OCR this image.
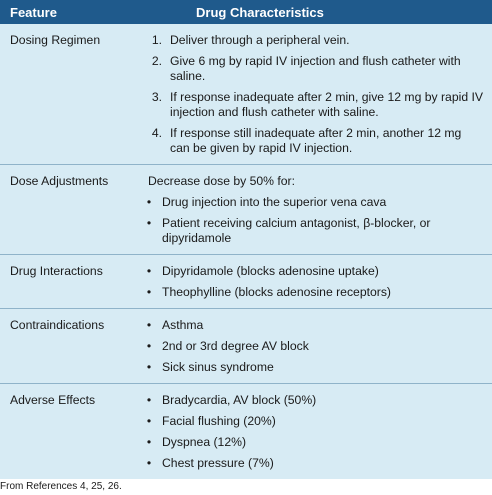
Feature	Drug Characteristics
Dosing Regimen	1. Deliver through a peripheral vein.
2. Give 6 mg by rapid IV injection and flush catheter with saline.
3. If response inadequate after 2 min, give 12 mg by rapid IV injection and flush catheter with saline.
4. If response still inadequate after 2 min, another 12 mg can be given by rapid IV injection.
Dose Adjustments	Decrease dose by 50% for:
• Drug injection into the superior vena cava
• Patient receiving calcium antagonist, β-blocker, or dipyridamole
Drug Interactions	• Dipyridamole (blocks adenosine uptake)
• Theophylline (blocks adenosine receptors)
Contraindications	• Asthma
• 2nd or 3rd degree AV block
• Sick sinus syndrome
Adverse Effects	• Bradycardia, AV block (50%)
• Facial flushing (20%)
• Dyspnea (12%)
• Chest pressure (7%)
From References 4, 25, 26.
